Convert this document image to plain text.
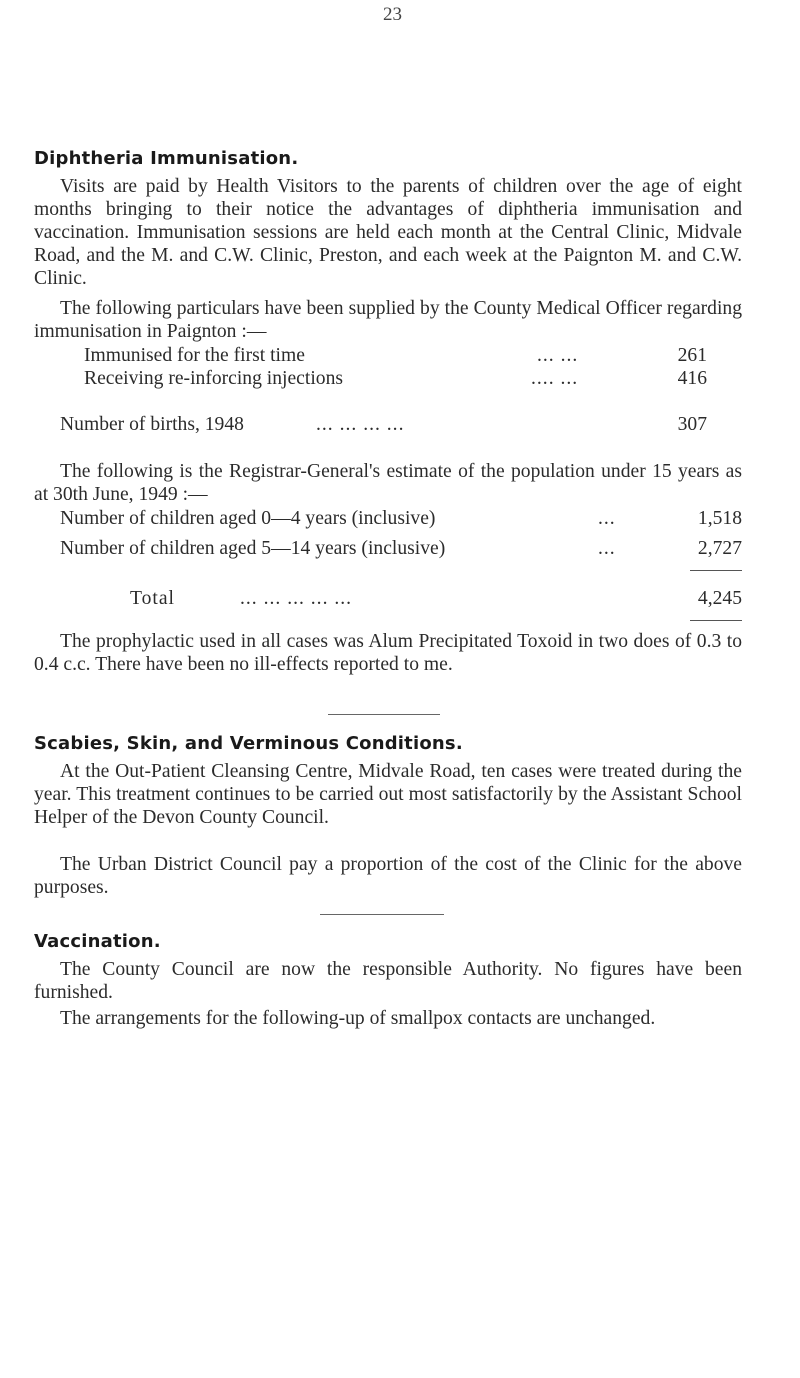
23
Diphtheria Immunisation.

Visits are paid by Health Visitors to the parents of children over the age of eight months bringing to their notice the advantages of diphtheria immunisation and vaccination. Immunisation sessions are held each month at the Central Clinic, Midvale Road, and the M. and C.W. Clinic, Preston, and each week at the Paignton M. and C.W. Clinic.

The following particulars have been supplied by the County Medical Officer regarding immunisation in Paignton :—

Immunised for the first time	... ...	261
Receiving re-inforcing injections	.... ...	416
Number of births, 1948	... ... ... ...	307

The following is the Registrar-General's estimate of the population under 15 years as at 30th June, 1949 :—

Number of children aged 0—4 years (inclusive)	...	1,518
Number of children aged 5—14 years (inclusive)	...	2,727
Total	... ... ... ... ...	4,245

The prophylactic used in all cases was Alum Precipitated Toxoid in two does of 0.3 to 0.4 c.c. There have been no ill-effects reported to me.

Scabies, Skin, and Verminous Conditions.

At the Out-Patient Cleansing Centre, Midvale Road, ten cases were treated during the year. This treatment continues to be carried out most satisfactorily by the Assistant School Helper of the Devon County Council.

The Urban District Council pay a proportion of the cost of the Clinic for the above purposes.

Vaccination.

The County Council are now the responsible Authority. No figures have been furnished.

The arrangements for the following-up of smallpox contacts are unchanged.
